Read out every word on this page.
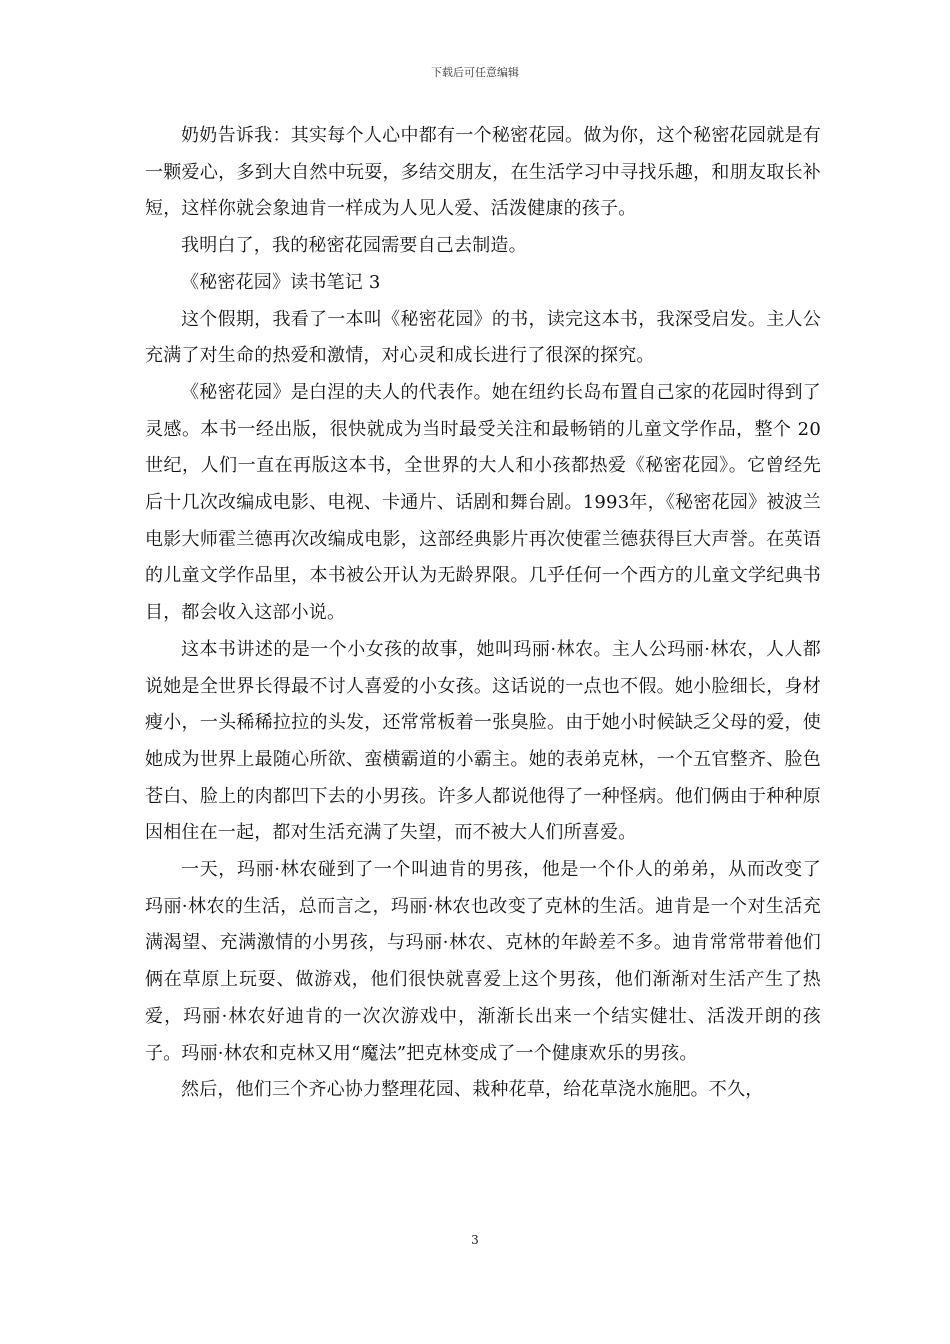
下载后可任意编辑

奶奶告诉我：其实每个人心中都有一个秘密花园。做为你，这个秘密花园就是有一颗爱心，多到大自然中玩耍，多结交朋友，在生活学习中寻找乐趣，和朋友取长补短，这样你就会象迪肯一样成为人见人爱、活泼健康的孩子。

我明白了，我的秘密花园需要自己去制造。

《秘密花园》读书笔记 3

这个假期，我看了一本叫《秘密花园》的书，读完这本书，我深受启发。主人公充满了对生命的热爱和激情，对心灵和成长进行了很深的探究。

《秘密花园》是白涅的夫人的代表作。她在纽约长岛布置自己家的花园时得到了灵感。本书一经出版，很快就成为当时最受关注和最畅销的儿童文学作品，整个 20 世纪，人们一直在再版这本书，全世界的大人和小孩都热爱《秘密花园》。它曾经先后十几次改编成电影、电视、卡通片、话剧和舞台剧。1993年，《秘密花园》被波兰电影大师霍兰德再次改编成电影，这部经典影片再次使霍兰德获得巨大声誉。在英语的儿童文学作品里，本书被公开认为无龄界限。几乎任何一个西方的儿童文学纪典书目，都会收入这部小说。

这本书讲述的是一个小女孩的故事，她叫玛丽·林农。主人公玛丽·林农，人人都说她是全世界长得最不讨人喜爱的小女孩。这话说的一点也不假。她小脸细长，身材瘦小，一头稀稀拉拉的头发，还常常板着一张臭脸。由于她小时候缺乏父母的爱，使她成为世界上最随心所欲、蛮横霸道的小霸主。她的表弟克林，一个五官整齐、脸色苍白、脸上的肉都凹下去的小男孩。许多人都说他得了一种怪病。他们俩由于种种原因相住在一起，都对生活充满了失望，而不被大人们所喜爱。

一天，玛丽·林农碰到了一个叫迪肯的男孩，他是一个仆人的弟弟，从而改变了玛丽·林农的生活，总而言之，玛丽·林农也改变了克林的生活。迪肯是一个对生活充满渴望、充满激情的小男孩，与玛丽·林农、克林的年龄差不多。迪肯常常带着他们俩在草原上玩耍、做游戏，他们很快就喜爱上这个男孩，他们渐渐对生活产生了热爱，玛丽·林农好迪肯的一次次游戏中，渐渐长出来一个结实健壮、活泼开朗的孩子。玛丽·林农和克林又用“魔法”把克林变成了一个健康欢乐的男孩。

然后，他们三个齐心协力整理花园、栽种花草，给花草浇水施肥。不久，

3
